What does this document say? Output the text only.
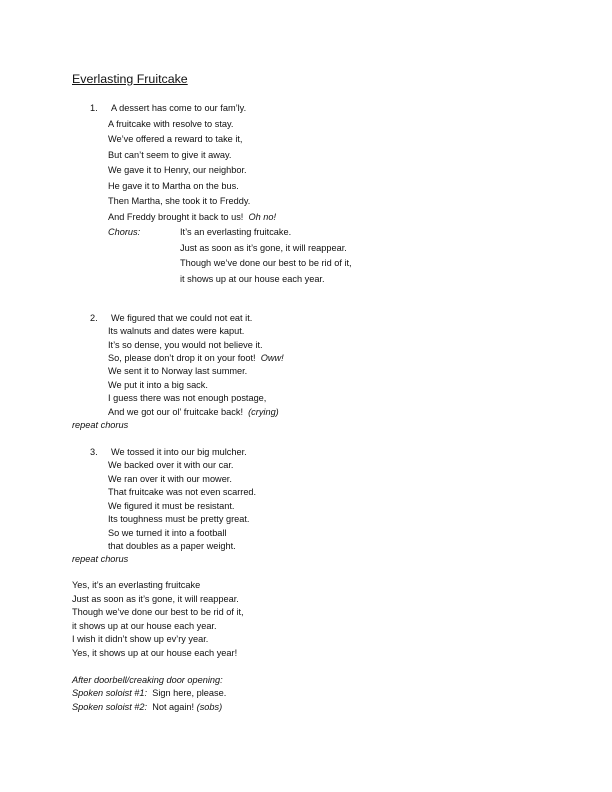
Everlasting Fruitcake
1. A dessert has come to our fam’ly.
A fruitcake with resolve to stay.
We’ve offered a reward to take it,
But can’t seem to give it away.
We gave it to Henry, our neighbor.
He gave it to Martha on the bus.
Then Martha, she took it to Freddy.
And Freddy brought it back to us! Oh no!
Chorus:	It’s an everlasting fruitcake.
Just as soon as it’s gone, it will reappear.
Though we’ve done our best to be rid of it,
it shows up at our house each year.
2. We figured that we could not eat it.
Its walnuts and dates were kaput.
It’s so dense, you would not believe it.
So, please don’t drop it on your foot! Oww!
We sent it to Norway last summer.
We put it into a big sack.
I guess there was not enough postage,
And we got our ol’ fruitcake back! (crying)
repeat chorus
3. We tossed it into our big mulcher.
We backed over it with our car.
We ran over it with our mower.
That fruitcake was not even scarred.
We figured it must be resistant.
Its toughness must be pretty great.
So we turned it into a football
that doubles as a paper weight.
repeat chorus
Yes, it’s an everlasting fruitcake
Just as soon as it’s gone, it will reappear.
Though we’ve done our best to be rid of it,
it shows up at our house each year.
I wish it didn’t show up ev’ry year.
Yes, it shows up at our house each year!
After doorbell/creaking door opening:
Spoken soloist #1: Sign here, please.
Spoken soloist #2: Not again! (sobs)
